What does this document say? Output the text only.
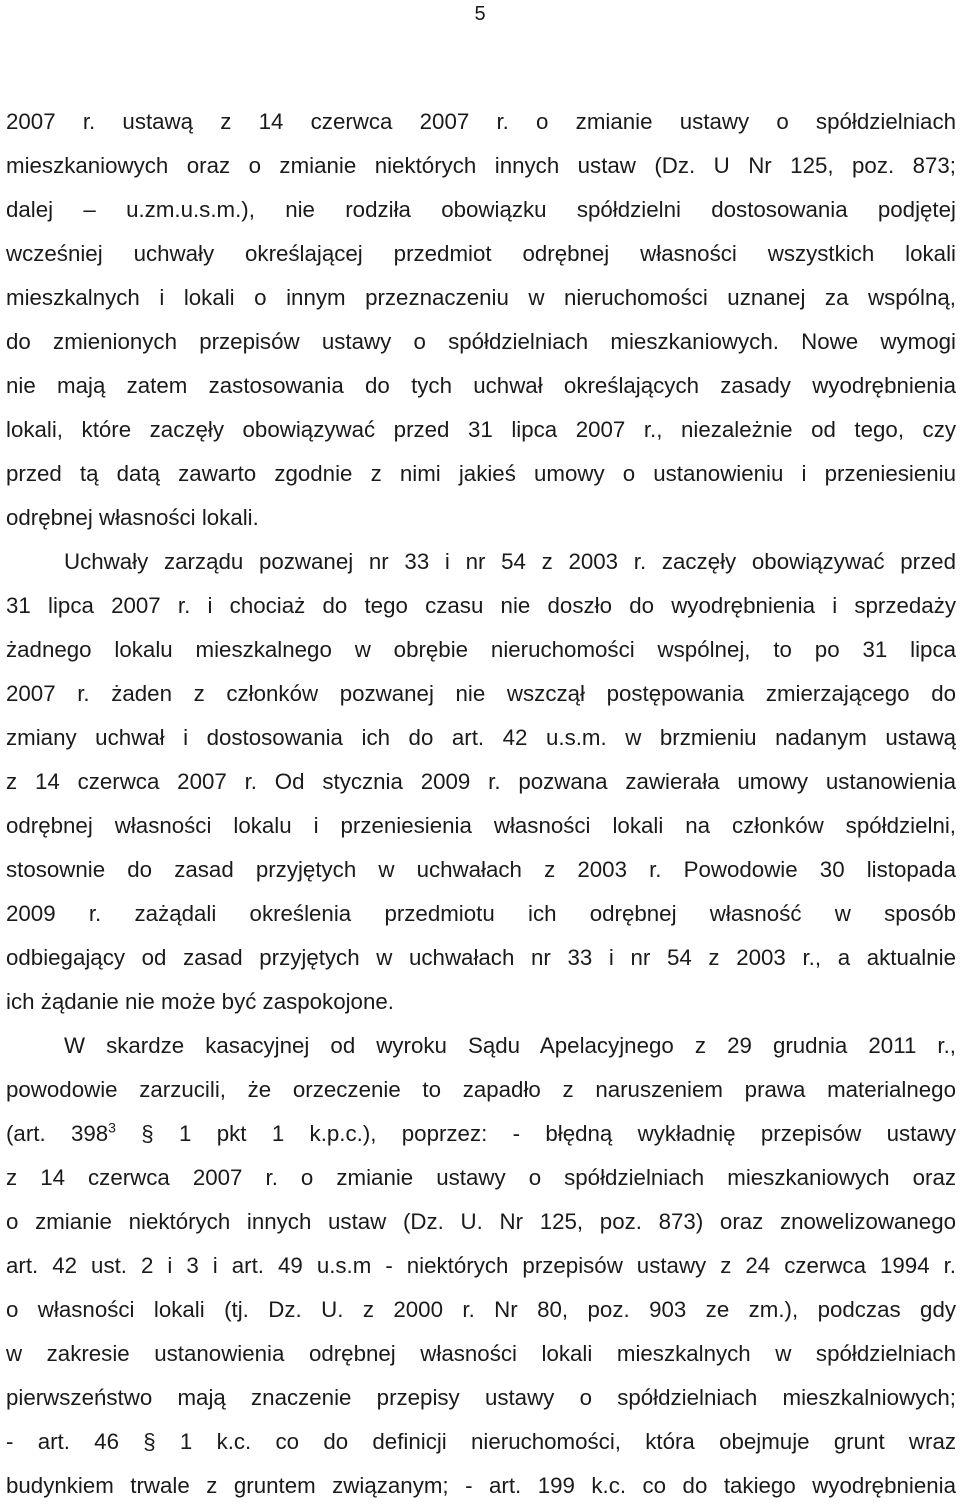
5
2007 r. ustawą z 14 czerwca 2007 r. o zmianie ustawy o spółdzielniach
mieszkaniowych oraz o zmianie niektórych innych ustaw (Dz. U Nr 125, poz. 873;
dalej – u.zm.u.s.m.), nie rodziła obowiązku spółdzielni dostosowania podjętej
wcześniej uchwały określającej przedmiot odrębnej własności wszystkich lokali
mieszkalnych i lokali o innym przeznaczeniu w nieruchomości uznanej za wspólną,
do zmienionych przepisów ustawy o spółdzielniach mieszkaniowych. Nowe wymogi
nie mają zatem zastosowania do tych uchwał określających zasady wyodrębnienia
lokali, które zaczęły obowiązywać przed 31 lipca 2007 r., niezależnie od tego, czy
przed tą datą zawarto zgodnie z nimi jakieś umowy o ustanowieniu i przeniesieniu
odrębnej własności lokali.
Uchwały zarządu pozwanej nr 33 i nr 54 z 2003 r. zaczęły obowiązywać przed
31 lipca 2007 r. i chociaż do tego czasu nie doszło do wyodrębnienia i sprzedaży
żadnego lokalu mieszkalnego w obrębie nieruchomości wspólnej, to po 31 lipca
2007 r. żaden z członków pozwanej nie wszczął postępowania zmierzającego do
zmiany uchwał i dostosowania ich do art. 42 u.s.m. w brzmieniu nadanym ustawą
z 14 czerwca 2007 r. Od stycznia 2009 r. pozwana zawierała umowy ustanowienia
odrębnej własności lokalu i przeniesienia własności lokali na członków spółdzielni,
stosownie do zasad przyjętych w uchwałach z 2003 r. Powodowie 30 listopada
2009 r. zażądali określenia przedmiotu ich odrębnej własność w sposób
odbiegający od zasad przyjętych w uchwałach nr 33 i nr 54 z 2003 r., a aktualnie
ich żądanie nie może być zaspokojone.
W skardze kasacyjnej od wyroku Sądu Apelacyjnego z 29 grudnia 2011 r.,
powodowie zarzucili, że orzeczenie to zapadło z naruszeniem prawa materialnego
(art. $398^3$ § 1 pkt 1 k.p.c.), poprzez: - błędną wykładnię przepisów ustawy
z 14 czerwca 2007 r. o zmianie ustawy o spółdzielniach mieszkaniowych oraz
o zmianie niektórych innych ustaw (Dz. U. Nr 125, poz. 873) oraz znowelizowanego
art. 42 ust. 2 i 3 i art. 49 u.s.m - niektórych przepisów ustawy z 24 czerwca 1994 r.
o własności lokali (tj. Dz. U. z 2000 r. Nr 80, poz. 903 ze zm.), podczas gdy
w zakresie ustanowienia odrębnej własności lokali mieszkalnych w spółdzielniach
pierwszeństwo mają znaczenie przepisy ustawy o spółdzielniach mieszkalniowych;
- art. 46 § 1 k.c. co do definicji nieruchomości, która obejmuje grunt wraz
budynkiem trwale z gruntem związanym; - art. 199 k.c. co do takiego wyodrębnienia
